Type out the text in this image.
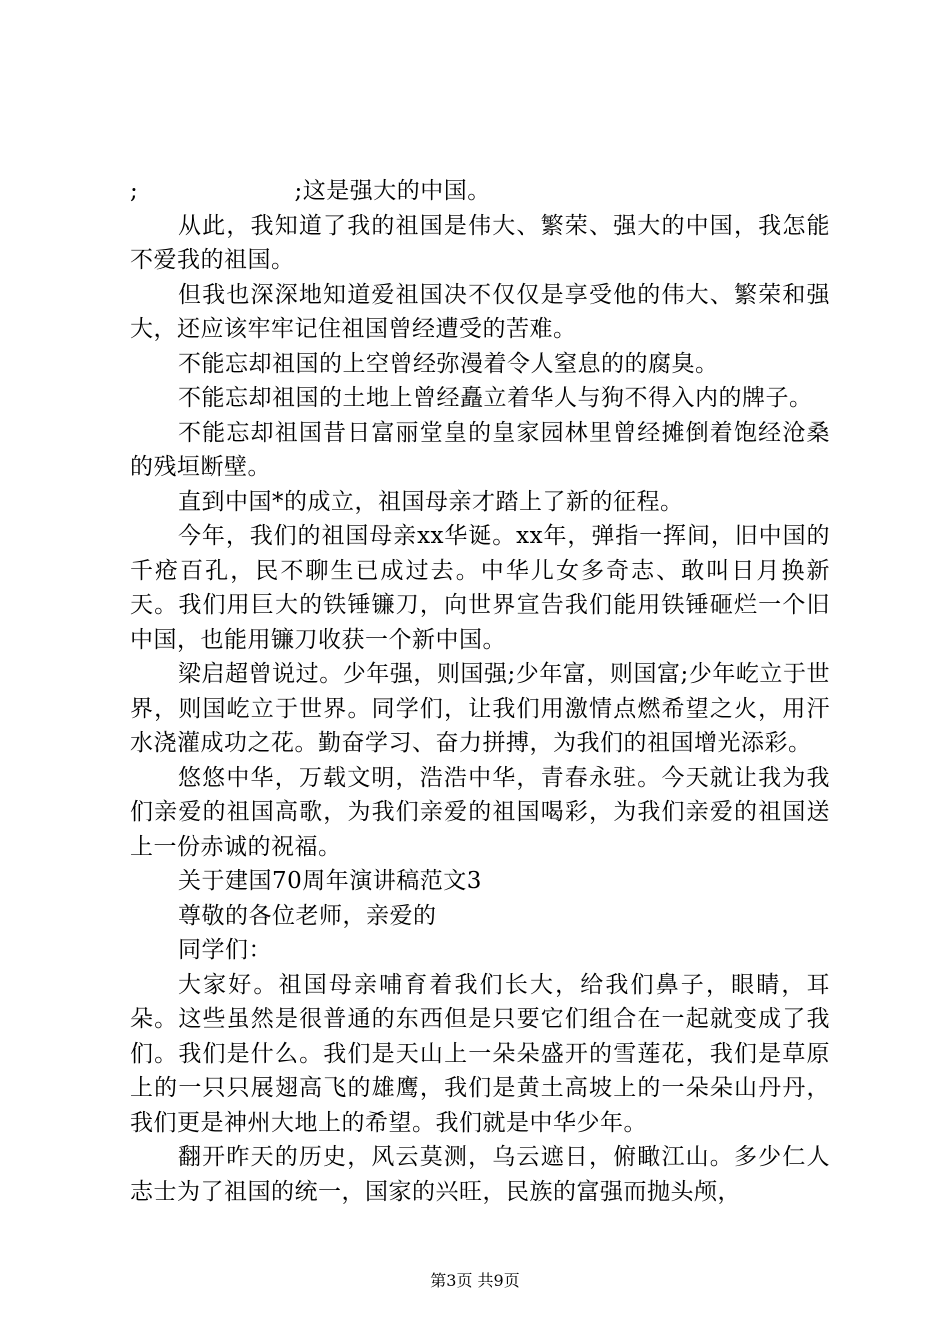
;                    ;这是强大的中国。

从此，我知道了我的祖国是伟大、繁荣、强大的中国，我怎能不爱我的祖国。

但我也深深地知道爱祖国决不仅仅是享受他的伟大、繁荣和强大，还应该牢牢记住祖国曾经遭受的苦难。

不能忘却祖国的上空曾经弥漫着令人窒息的的腐臭。

不能忘却祖国的土地上曾经矗立着华人与狗不得入内的牌子。

不能忘却祖国昔日富丽堂皇的皇家园林里曾经摊倒着饱经沧桑的残垣断壁。

直到中国*的成立，祖国母亲才踏上了新的征程。

今年，我们的祖国母亲xx华诞。xx年，弹指一挥间，旧中国的千疮百孔，民不聊生已成过去。中华儿女多奇志、敢叫日月换新天。我们用巨大的铁锤镰刀，向世界宣告我们能用铁锤砸烂一个旧中国，也能用镰刀收获一个新中国。

梁启超曾说过。少年强，则国强;少年富，则国富;少年屹立于世界，则国屹立于世界。同学们，让我们用激情点燃希望之火，用汗水浇灌成功之花。勤奋学习、奋力拼搏，为我们的祖国增光添彩。

悠悠中华，万载文明，浩浩中华，青春永驻。今天就让我为我们亲爱的祖国高歌，为我们亲爱的祖国喝彩，为我们亲爱的祖国送上一份赤诚的祝福。

关于建国70周年演讲稿范文3

尊敬的各位老师，亲爱的

同学们：

大家好。祖国母亲哺育着我们长大，给我们鼻子，眼睛，耳朵。这些虽然是很普通的东西但是只要它们组合在一起就变成了我们。我们是什么。我们是天山上一朵朵盛开的雪莲花，我们是草原上的一只只展翅高飞的雄鹰，我们是黄土高坡上的一朵朵山丹丹，我们更是神州大地上的希望。我们就是中华少年。

翻开昨天的历史，风云莫测，乌云遮日，俯瞰江山。多少仁人志士为了祖国的统一，国家的兴旺，民族的富强而抛头颅，

第3页 共9页
